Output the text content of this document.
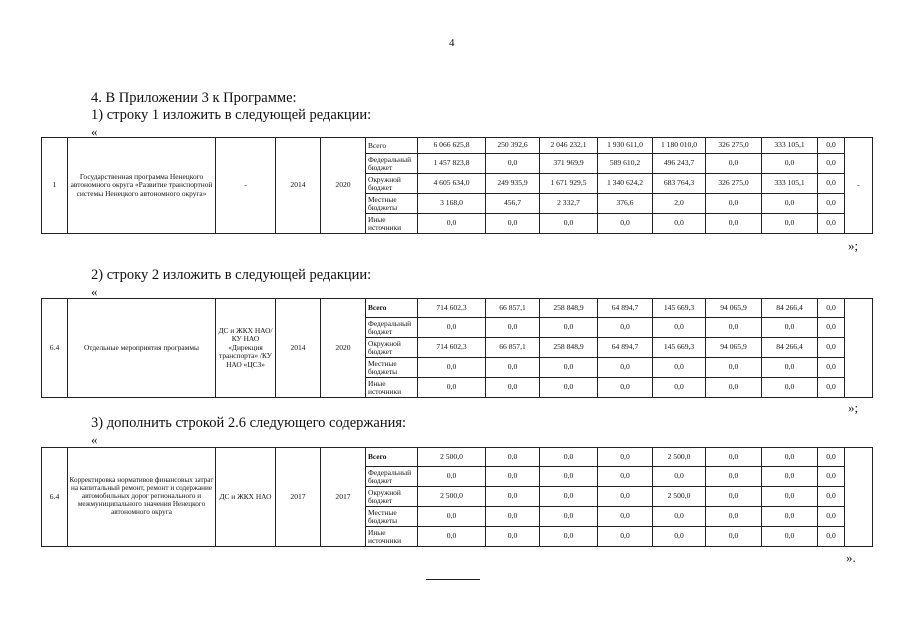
4
4. В Приложении 3 к Программе:
1) строку 1 изложить в следующей редакции:
«
1	Государственная программа Ненецкого автономного округа «Развитие транспортной системы Ненецкого автономного округа»	-	2014	2020	Всего	6 066 625,8	250 392,6	2 046 232,1	1 930 611,0	1 180 010,0	326 275,0	333 105,1	0,0	-
					Федеральный бюджет	1 457 823,8	0,0	371 969,9	589 610,2	496 243,7	0,0	0,0	0,0	
					Окружной бюджет	4 605 634,0	249 935,9	1 671 929,5	1 340 624,2	683 764,3	326 275,0	333 105,1	0,0	
					Местные бюджеты	3 168,0	456,7	2 332,7	376,6	2,0	0,0	0,0	0,0	
					Иные источники	0,0	0,0	0,0	0,0	0,0	0,0	0,0	0,0	
»;
2) строку 2 изложить в следующей редакции:
«
6.4	Отдельные мероприятия программы	ДС и ЖКХ НАО/КУ НАО «Дирекция транспорта» /КУ НАО «ЦСЗ»	2014	2020	Всего	714 602,3	66 857,1	258 848,9	64 894,7	145 669,3	94 065,9	84 266,4	0,0	
					Федеральный бюджет	0,0	0,0	0,0	0,0	0,0	0,0	0,0	0,0	
					Окружной бюджет	714 602,3	66 857,1	258 848,9	64 894,7	145 669,3	94 065,9	84 266,4	0,0	
					Местные бюджеты	0,0	0,0	0,0	0,0	0,0	0,0	0,0	0,0	
					Иные источники	0,0	0,0	0,0	0,0	0,0	0,0	0,0	0,0	
»;
3) дополнить строкой 2.6 следующего содержания:
«
6.4	Корректировка нормативов финансовых затрат на капитальный ремонт, ремонт и содержание автомобильных дорог регионального и межмуниципального значения Ненецкого автономного округа	ДС и ЖКХ НАО	2017	2017	Всего	2 500,0	0,0	0,0	0,0	2 500,0	0,0	0,0	0,0	
					Федеральный бюджет	0,0	0,0	0,0	0,0	0,0	0,0	0,0	0,0	
					Окружной бюджет	2 500,0	0,0	0,0	0,0	2 500,0	0,0	0,0	0,0	
					Местные бюджеты	0,0	0,0	0,0	0,0	0,0	0,0	0,0	0,0	
					Иные источники	0,0	0,0	0,0	0,0	0,0	0,0	0,0	0,0	
».
